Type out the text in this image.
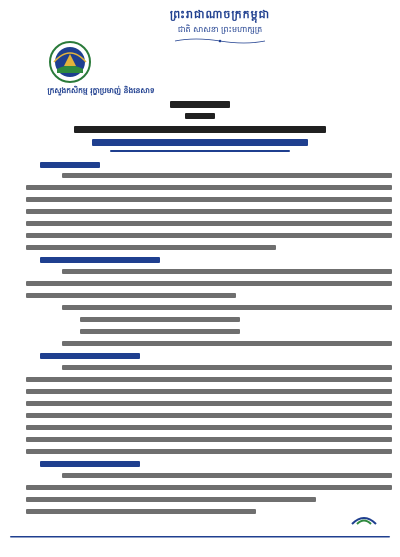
ព្រះរាជាណាចក្រកម្ពុជា
ជាតិ សាសនា ព្រះមហាក្សត្រ
ក្រសួងកសិកម្ម រុក្ខាប្រមាញ់ និងនេសាទ
